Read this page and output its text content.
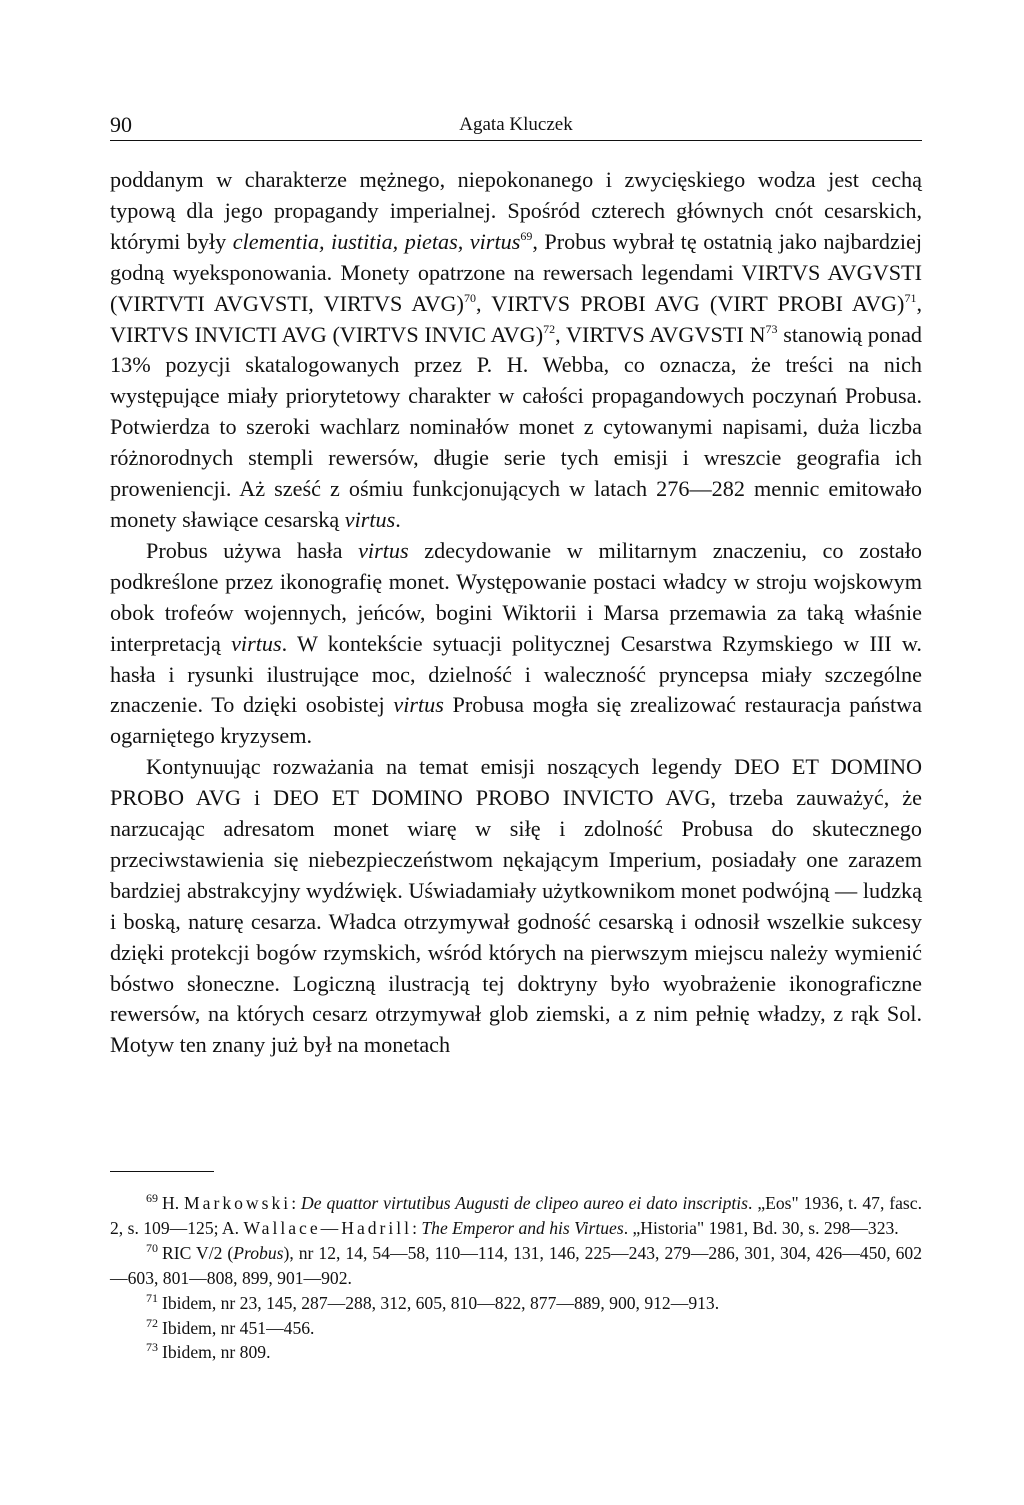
90	Agata Kluczek

poddanym w charakterze mężnego, niepokonanego i zwycięskiego wodza jest cechą typową dla jego propagandy imperialnej. Spośród czterech głównych cnót cesarskich, którymi były clementia, iustitia, pietas, virtus$^{69}$, Probus wybrał tę ostatnią jako najbardziej godną wyeksponowania. Monety opatrzone na rewersach legendami VIRTVS AVGVSTI (VIRTVTI AVGVSTI, VIRTVS AVG)$^{70}$, VIRTVS PROBI AVG (VIRT PROBI AVG)$^{71}$, VIRTVS INVICTI AVG (VIRTVS INVIC AVG)$^{72}$, VIRTVS AVGVSTI $N^{73}$ stanowią ponad 13% pozycji skatalogowanych przez P. H. Webba, co oznacza, że treści na nich występujące miały priorytetowy charakter w całości propagandowych poczynań Probusa. Potwierdza to szeroki wachlarz nominałów monet z cytowanymi napisami, duża liczba różnorodnych stempli rewersów, długie serie tych emisji i wreszcie geografia ich proweniencji. Aż sześć z ośmiu funkcjonujących w latach 276—282 mennic emitowało monety sławiące cesarską virtus.

Probus używa hasła virtus zdecydowanie w militarnym znaczeniu, co zostało podkreślone przez ikonografię monet. Występowanie postaci władcy w stroju wojskowym obok trofeów wojennych, jeńców, bogini Wiktorii i Marsa przemawia za taką właśnie interpretacją virtus. W kontekście sytuacji politycznej Cesarstwa Rzymskiego w III w. hasła i rysunki ilustrujące moc, dzielność i waleczność pryncepsa miały szczególne znaczenie. To dzięki osobistej virtus Probusa mogła się zrealizować restauracja państwa ogarniętego kryzysem.

Kontynuując rozważania na temat emisji noszących legendy DEO ET DOMINO PROBO AVG i DEO ET DOMINO PROBO INVICTO AVG, trzeba zauważyć, że narzucając adresatom monet wiarę w siłę i zdolność Probusa do skutecznego przeciwstawienia się niebezpieczeństwom nękającym Imperium, posiadały one zarazem bardziej abstrakcyjny wydźwięk. Uświadamiały użytkownikom monet podwójną — ludzką i boską, naturę cesarza. Władca otrzymywał godność cesarską i odnosił wszelkie sukcesy dzięki protekcji bogów rzymskich, wśród których na pierwszym miejscu należy wymienić bóstwo słoneczne. Logiczną ilustracją tej doktryny było wyobrażenie ikonograficzne rewersów, na których cesarz otrzymywał glob ziemski, a z nim pełnię władzy, z rąk Sol. Motyw ten znany już był na monetach

$^{69}$ H. Markowski: De quattor virtutibus Augusti de clipeo aureo ei dato inscriptis. „Eos" 1936, t. 47, fasc. 2, s. 109—125; A. Wallace—Hadrill: The Emperor and his Virtues. „Historia" 1981, Bd. 30, s. 298—323.

$^{70}$ RIC V/2 (Probus), nr 12, 14, 54—58, 110—114, 131, 146, 225—243, 279—286, 301, 304, 426—450, 602—603, 801—808, 899, 901—902.

$^{71}$ Ibidem, nr 23, 145, 287—288, 312, 605, 810—822, 877—889, 900, 912—913.

$^{72}$ Ibidem, nr 451—456.

$^{73}$ Ibidem, nr 809.
